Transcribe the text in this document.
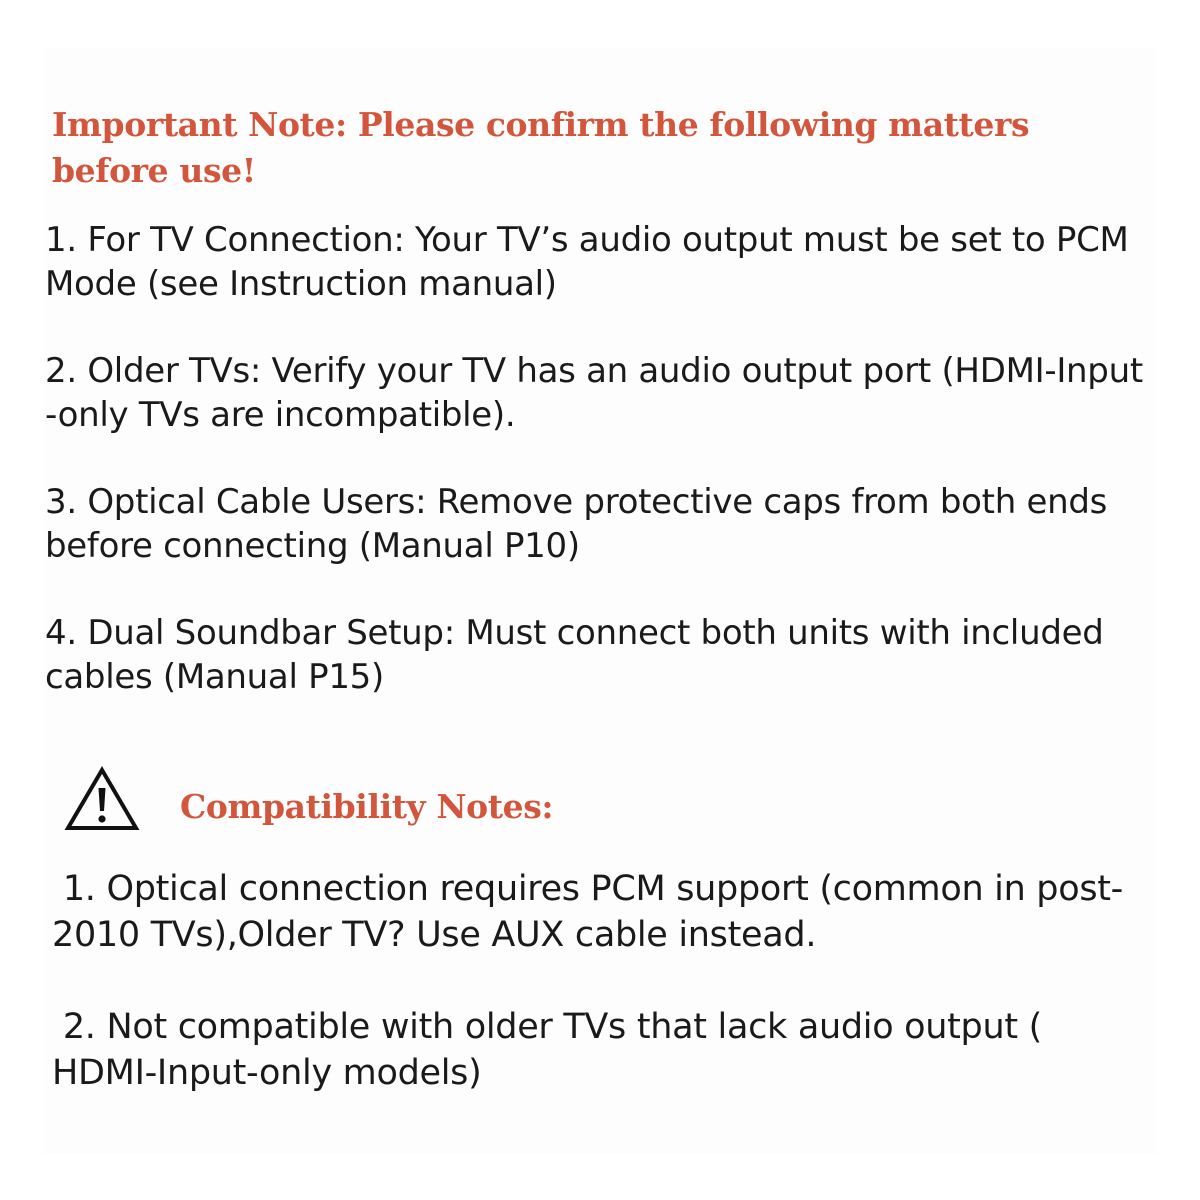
Important Note: Please confirm the following matters before use!

1. For TV Connection: Your TV’s audio output must be set to PCM Mode (see Instruction manual)

2. Older TVs: Verify your TV has an audio output port (HDMI-Input -only TVs are incompatible).

3. Optical Cable Users: Remove protective caps from both ends before connecting (Manual P10)

4. Dual Soundbar Setup: Must connect both units with included cables (Manual P15)

Compatibility Notes:

1. Optical connection requires PCM support (common in post-2010 TVs),Older TV? Use AUX cable instead.

2. Not compatible with older TVs that lack audio output ( HDMI-Input-only models)
